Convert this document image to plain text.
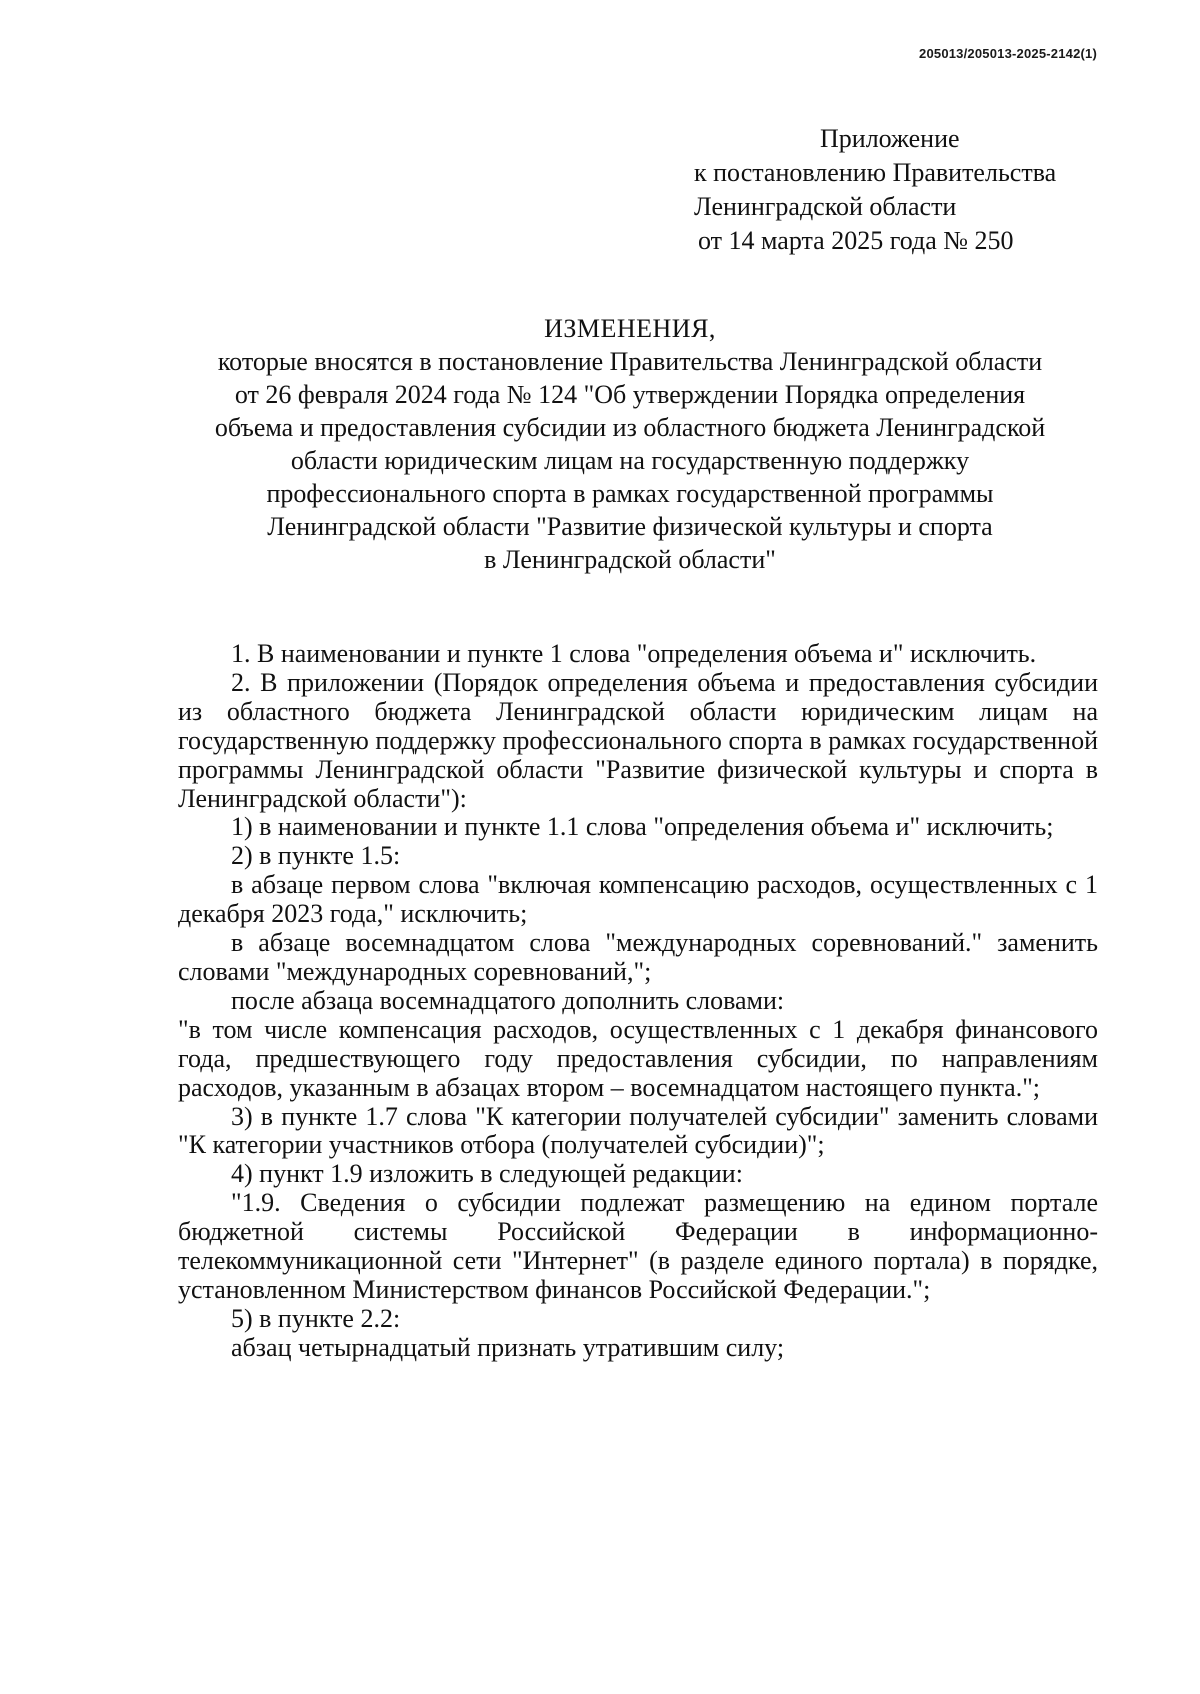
205013/205013-2025-2142(1)
Приложение
к постановлению Правительства
Ленинградской области
от 14 марта 2025 года № 250
ИЗМЕНЕНИЯ,
которые вносятся в постановление Правительства Ленинградской области
от 26 февраля 2024 года № 124 "Об утверждении Порядка определения
объема и предоставления субсидии из областного бюджета Ленинградской
области юридическим лицам на государственную поддержку
профессионального спорта в рамках государственной программы
Ленинградской области "Развитие физической культуры и спорта
в Ленинградской области"

1. В наименовании и пункте 1 слова "определения объема и" исключить.

2. В приложении (Порядок определения объема и предоставления субсидии из областного бюджета Ленинградской области юридическим лицам на государственную поддержку профессионального спорта в рамках государственной программы Ленинградской области "Развитие физической культуры и спорта в Ленинградской области"):

1) в наименовании и пункте 1.1 слова "определения объема и" исключить;

2) в пункте 1.5:

в абзаце первом слова "включая компенсацию расходов, осуществленных с 1 декабря 2023 года," исключить;

в абзаце восемнадцатом слова "международных соревнований." заменить словами "международных соревнований,";

после абзаца восемнадцатого дополнить словами:

"в том числе компенсация расходов, осуществленных с 1 декабря финансового года, предшествующего году предоставления субсидии, по направлениям расходов, указанным в абзацах втором – восемнадцатом настоящего пункта.";

3) в пункте 1.7 слова "К категории получателей субсидии" заменить словами "К категории участников отбора (получателей субсидии)";

4) пункт 1.9 изложить в следующей редакции:

"1.9. Сведения о субсидии подлежат размещению на едином портале бюджетной системы Российской Федерации в информационно-телекоммуникационной сети "Интернет" (в разделе единого портала) в порядке, установленном Министерством финансов Российской Федерации.";

5) в пункте 2.2:

абзац четырнадцатый признать утратившим силу;
